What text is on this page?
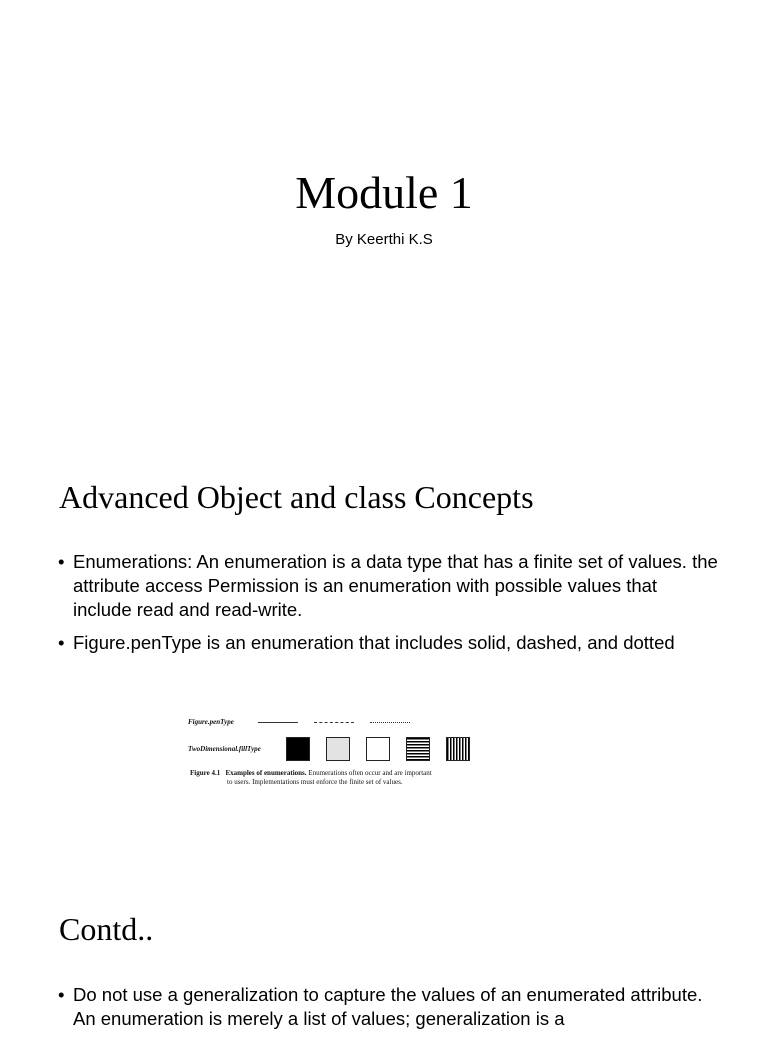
Module 1
By Keerthi K.S
Advanced Object and class Concepts
• Enumerations: An enumeration is a data type that has a finite set of values. the attribute access Permission is an enumeration with possible values that include read and read-write.
• Figure.penType is an enumeration that includes solid, dashed, and dotted
Figure.penType
TwoDimensional.fillType
Figure 4.1 Examples of enumerations. Enumerations often occur and are important
to users. Implementations must enforce the finite set of values.
Contd..
• Do not use a generalization to capture the values of an enumerated attribute. An enumeration is merely a list of values; generalization is a
